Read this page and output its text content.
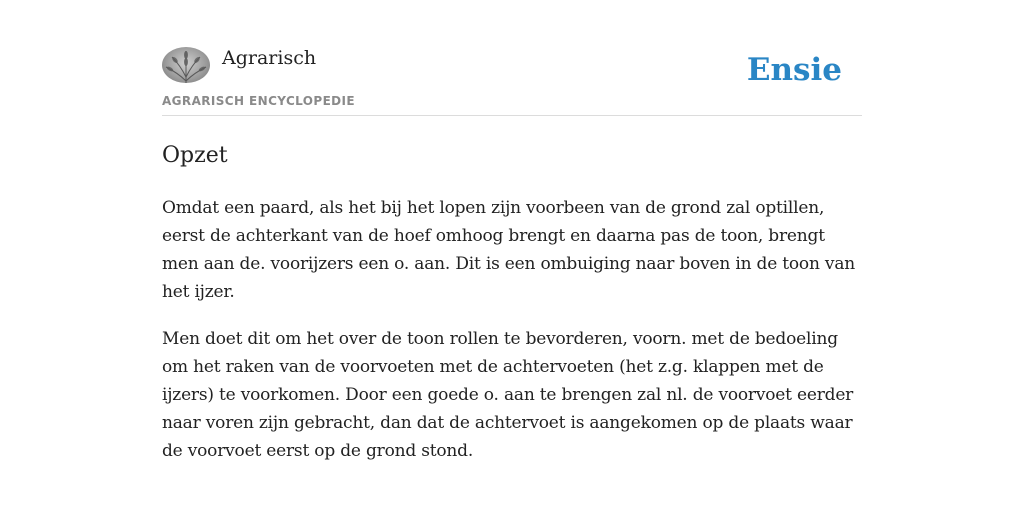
Agrarisch
AGRARISCH ENCYCLOPEDIE
Ensie
Opzet

Omdat een paard, als het bij het lopen zijn voorbeen van de grond zal optillen, eerst de achterkant van de hoef omhoog brengt en daarna pas de toon, brengt men aan de. voorijzers een o. aan. Dit is een ombuiging naar boven in de toon van het ijzer.

Men doet dit om het over de toon rollen te bevorderen, voorn. met de bedoeling om het raken van de voorvoeten met de achtervoeten (het z.g. klappen met de ijzers) te voorkomen. Door een goede o. aan te brengen zal nl. de voorvoet eerder naar voren zijn gebracht, dan dat de achtervoet is aangekomen op de plaats waar de voorvoet eerst op de grond stond.
